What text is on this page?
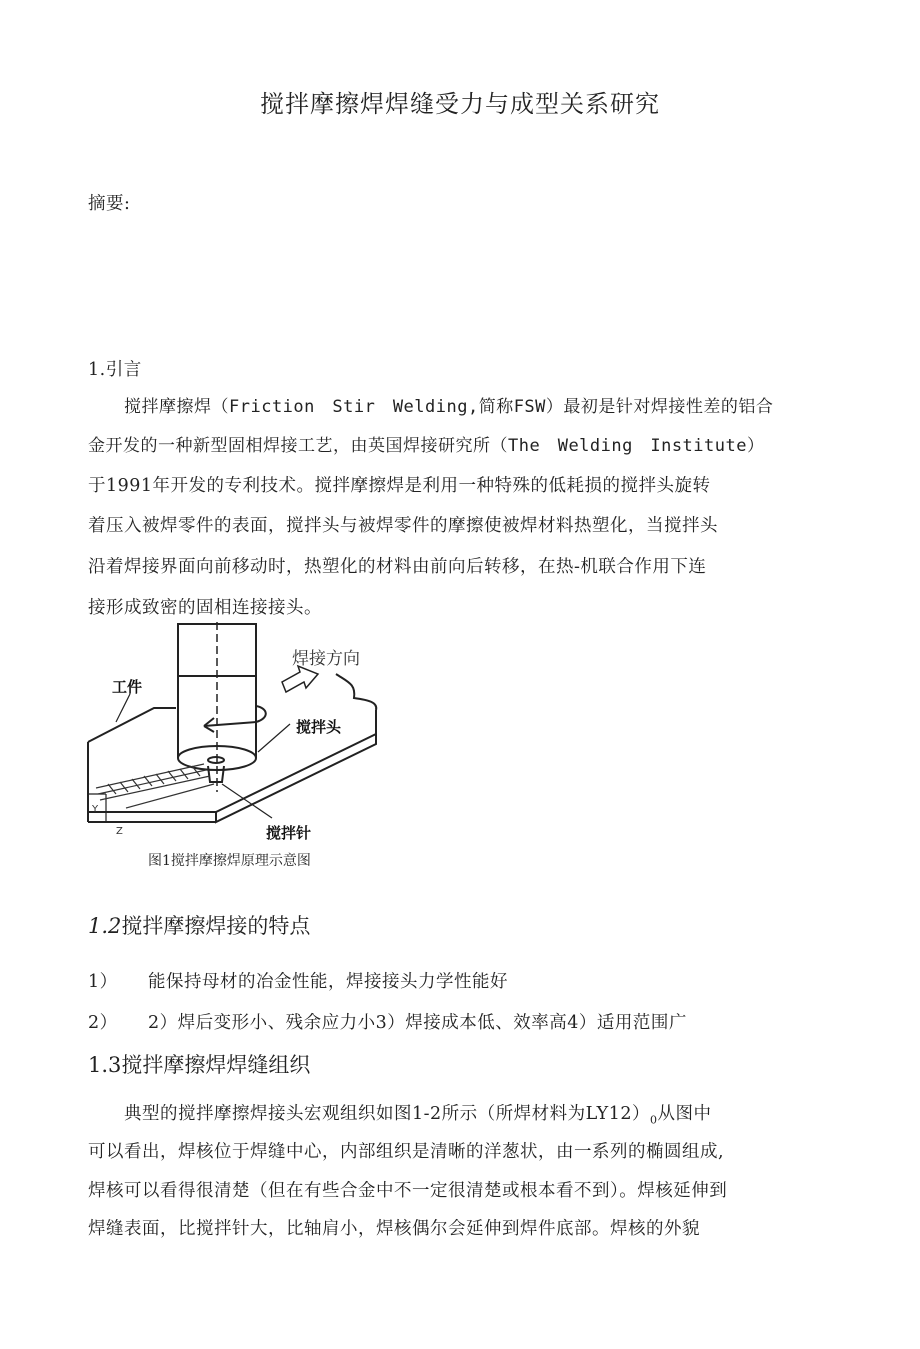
搅拌摩擦焊焊缝受力与成型关系研究
摘要:
1.引言
搅拌摩擦焊（Friction　Stir　Welding,简称FSW）最初是针对焊接性差的铝合
金开发的一种新型固相焊接工艺，由英国焊接研究所（The　Welding　Institute）
于1991年开发的专利技术。搅拌摩擦焊是利用一种特殊的低耗损的搅拌头旋转
着压入被焊零件的表面，搅拌头与被焊零件的摩擦使被焊材料热塑化，当搅拌头
沿着焊接界面向前移动时，热塑化的材料由前向后转移，在热-机联合作用下连
接形成致密的固相连接接头。
焊接方向
工件
搅拌头
搅拌针
Y
Z
图1搅拌摩擦焊原理示意图
1.2搅拌摩擦焊接的特点
1） 能保持母材的冶金性能，焊接接头力学性能好
2） 2）焊后变形小、残余应力小3）焊接成本低、效率高4）适用范围广
1.3搅拌摩擦焊焊缝组织
典型的搅拌摩擦焊接头宏观组织如图1-2所示（所焊材料为$LY12)_0$从图中
可以看出，焊核位于焊缝中心，内部组织是清晰的洋葱状，由一系列的椭圆组成,
焊核可以看得很清楚（但在有些合金中不一定很清楚或根本看不到）。焊核延伸到
焊缝表面，比搅拌针大，比轴肩小，焊核偶尔会延伸到焊件底部。焊核的外貌
